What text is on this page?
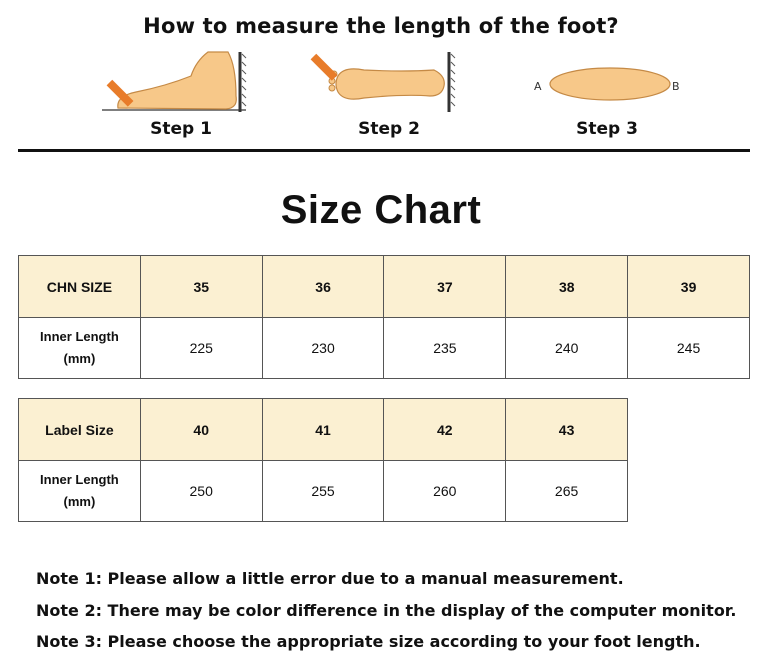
How to measure the length of the foot?
Step 1	Step 2
A	B
Step 3
Size Chart
CHN SIZE	35	36	37	38	39
Inner Length
(mm)	225	230	235	240	245
Label Size	40	41	42	43
Inner Length
(mm)	250	255	260	265
Note 1: Please allow a little error due to a manual measurement.
Note 2: There may be color difference in the display of the computer monitor.
Note 3: Please choose the appropriate size according to your foot length.
